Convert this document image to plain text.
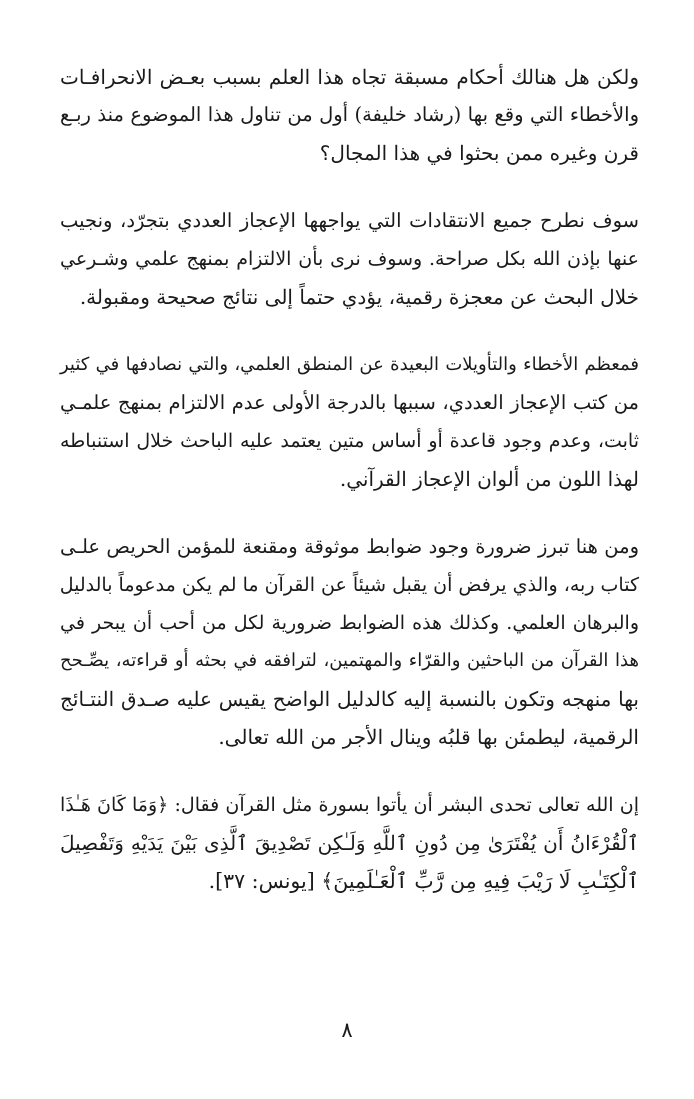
ولكن هل هنالك أحكام مسبقة تجاه هذا العلم بسبب بعـض الانحرافـات
والأخطاء التي وقع بها (رشاد خليفة) أول من تناول هذا الموضوع منذ ربـع
قرن وغيره ممن بحثوا في هذا المجال؟

سوف نطرح جميع الانتقادات التي يواجهها الإعجاز العددي بتجرّد، ونجيب
عنها بإذن الله بكل صراحة. وسوف نرى بأن الالتزام بمنهج علمي وشـرعي
خلال البحث عن معجزة رقمية، يؤدي حتماً إلى نتائج صحيحة ومقبولة.

فمعظم الأخطاء والتأويلات البعيدة عن المنطق العلمي، والتي نصادفها في كثير
من كتب الإعجاز العددي، سببها بالدرجة الأولى عدم الالتزام بمنهج علمـي
ثابت، وعدم وجود قاعدة أو أساس متين يعتمد عليه الباحث خلال استنباطه
لهذا اللون من ألوان الإعجاز القرآني.

ومن هنا تبرز ضرورة وجود ضوابط موثوقة ومقنعة للمؤمن الحريص علـى
كتاب ربه، والذي يرفض أن يقبل شيئاً عن القرآن ما لم يكن مدعوماً بالدليل
والبرهان العلمي. وكذلك هذه الضوابط ضرورية لكل من أحب أن يبحر في
هذا القرآن من الباحثين والقرّاء والمهتمين، لترافقه في بحثه أو قراءته، يصِّـحح
بها منهجه وتكون بالنسبة إليه كالدليل الواضح يقيس عليه صـدق النتـائج
الرقمية، ليطمئن بها قلبُه وينال الأجر من الله تعالى.

إن الله تعالى تحدى البشر أن يأتوا بسورة مثل القرآن فقال: ﴿وَمَا كَانَ هَـٰذَا
ٱلْقُرْءَانُ أَن يُفْتَرَىٰ مِن دُونِ ٱللَّهِ وَلَـٰكِن تَصْدِيقَ ٱلَّذِى بَيْنَ يَدَيْهِ وَتَفْصِيلَ
ٱلْكِتَـٰبِ لَا رَيْبَ فِيهِ مِن رَّبِّ ٱلْعَـٰلَمِينَ﴾ [يونس: ٣٧].

٨
